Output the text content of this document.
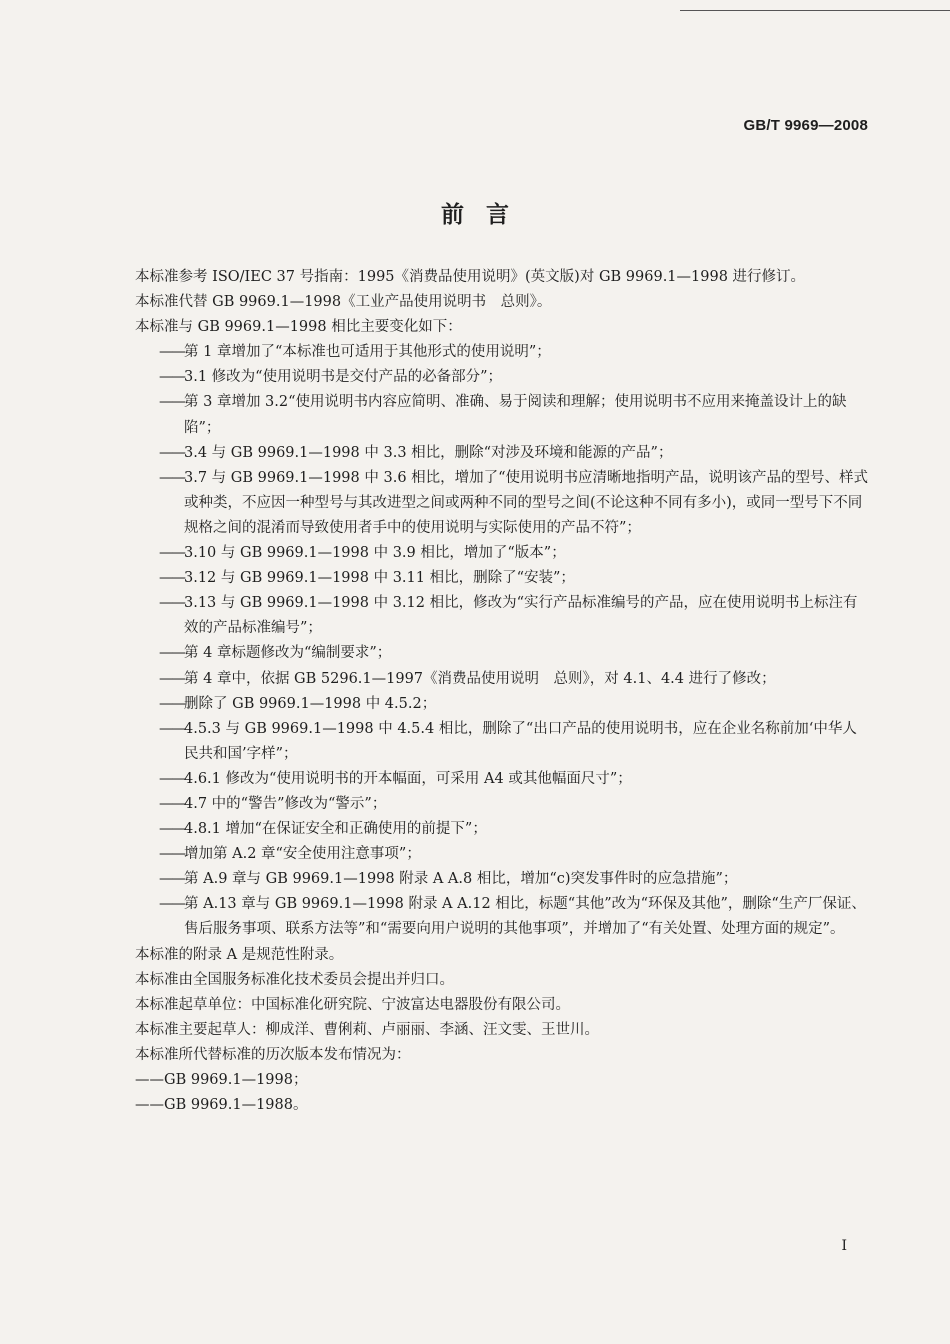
GB/T 9969—2008
前言
本标准参考 ISO/IEC 37 号指南：1995《消费品使用说明》(英文版)对 GB 9969.1—1998 进行修订。
本标准代替 GB 9969.1—1998《工业产品使用说明书　总则》。
本标准与 GB 9969.1—1998 相比主要变化如下：
—— 第 1 章增加了“本标准也可适用于其他形式的使用说明”；
—— 3.1 修改为“使用说明书是交付产品的必备部分”；
—— 第 3 章增加 3.2“使用说明书内容应简明、准确、易于阅读和理解；使用说明书不应用来掩盖设计上的缺陷”；
—— 3.4 与 GB 9969.1—1998 中 3.3 相比，删除“对涉及环境和能源的产品”；
—— 3.7 与 GB 9969.1—1998 中 3.6 相比，增加了“使用说明书应清晰地指明产品，说明该产品的型号、样式或种类，不应因一种型号与其改进型之间或两种不同的型号之间(不论这种不同有多小)，或同一型号下不同规格之间的混淆而导致使用者手中的使用说明与实际使用的产品不符”；
—— 3.10 与 GB 9969.1—1998 中 3.9 相比，增加了“版本”；
—— 3.12 与 GB 9969.1—1998 中 3.11 相比，删除了“安装”；
—— 3.13 与 GB 9969.1—1998 中 3.12 相比，修改为“实行产品标准编号的产品，应在使用说明书上标注有效的产品标准编号”；
—— 第 4 章标题修改为“编制要求”；
—— 第 4 章中，依据 GB 5296.1—1997《消费品使用说明　总则》，对 4.1、4.4 进行了修改；
—— 删除了 GB 9969.1—1998 中 4.5.2；
—— 4.5.3 与 GB 9969.1—1998 中 4.5.4 相比，删除了“出口产品的使用说明书，应在企业名称前加‘中华人民共和国’字样”；
—— 4.6.1 修改为“使用说明书的开本幅面，可采用 A4 或其他幅面尺寸”；
—— 4.7 中的“警告”修改为“警示”；
—— 4.8.1 增加“在保证安全和正确使用的前提下”；
—— 增加第 A.2 章“安全使用注意事项”；
—— 第 A.9 章与 GB 9969.1—1998 附录 A A.8 相比，增加“c)突发事件时的应急措施”；
—— 第 A.13 章与 GB 9969.1—1998 附录 A A.12 相比，标题“其他”改为“环保及其他”，删除“生产厂保证、售后服务事项、联系方法等”和“需要向用户说明的其他事项”，并增加了“有关处置、处理方面的规定”。
本标准的附录 A 是规范性附录。
本标准由全国服务标准化技术委员会提出并归口。
本标准起草单位：中国标准化研究院、宁波富达电器股份有限公司。
本标准主要起草人：柳成洋、曹俐莉、卢丽丽、李涵、汪文雯、王世川。
本标准所代替标准的历次版本发布情况为：
——GB 9969.1—1998；
——GB 9969.1—1988。
I
